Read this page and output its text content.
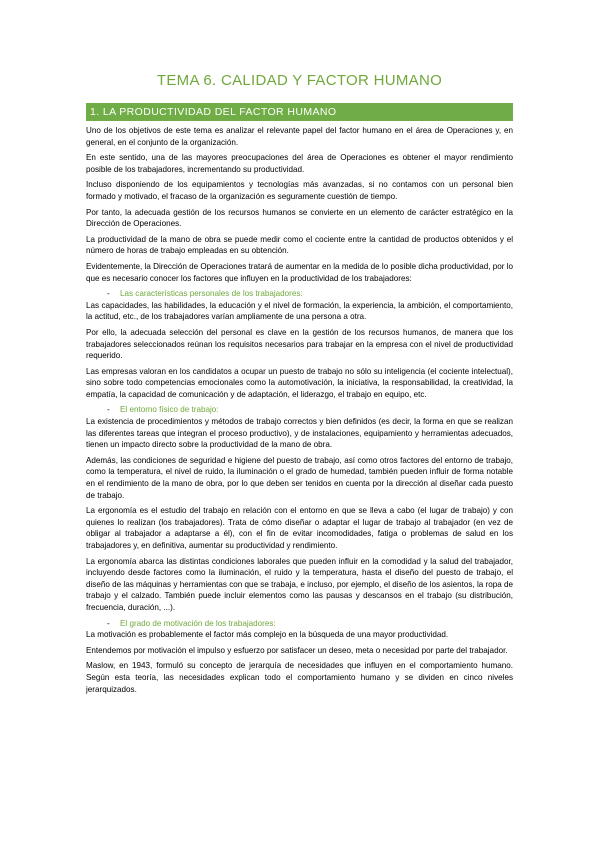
TEMA 6. CALIDAD Y FACTOR HUMANO
1. LA PRODUCTIVIDAD DEL FACTOR HUMANO

Uno de los objetivos de este tema es analizar el relevante papel del factor humano en el área de Operaciones y, en general, en el conjunto de la organización.

En este sentido, una de las mayores preocupaciones del área de Operaciones es obtener el mayor rendimiento posible de los trabajadores, incrementando su productividad.

Incluso disponiendo de los equipamientos y tecnologías más avanzadas, si no contamos con un personal bien formado y motivado, el fracaso de la organización es seguramente cuestión de tiempo.

Por tanto, la adecuada gestión de los recursos humanos se convierte en un elemento de carácter estratégico en la Dirección de Operaciones.

La productividad de la mano de obra se puede medir como el cociente entre la cantidad de productos obtenidos y el número de horas de trabajo empleadas en su obtención.

Evidentemente, la Dirección de Operaciones tratará de aumentar en la medida de lo posible dicha productividad, por lo que es necesario conocer los factores que influyen en la productividad de los trabajadores:

- Las características personales de los trabajadores:

Las capacidades, las habilidades, la educación y el nivel de formación, la experiencia, la ambición, el comportamiento, la actitud, etc., de los trabajadores varían ampliamente de una persona a otra.

Por ello, la adecuada selección del personal es clave en la gestión de los recursos humanos, de manera que los trabajadores seleccionados reúnan los requisitos necesarios para trabajar en la empresa con el nivel de productividad requerido.

Las empresas valoran en los candidatos a ocupar un puesto de trabajo no sólo su inteligencia (el cociente intelectual), sino sobre todo competencias emocionales como la automotivación, la iniciativa, la responsabilidad, la creatividad, la empatía, la capacidad de comunicación y de adaptación, el liderazgo, el trabajo en equipo, etc.

- El entorno físico de trabajo:

La existencia de procedimientos y métodos de trabajo correctos y bien definidos (es decir, la forma en que se realizan las diferentes tareas que integran el proceso productivo), y de instalaciones, equipamiento y herramientas adecuados, tienen un impacto directo sobre la productividad de la mano de obra.

Además, las condiciones de seguridad e higiene del puesto de trabajo, así como otros factores del entorno de trabajo, como la temperatura, el nivel de ruido, la iluminación o el grado de humedad, también pueden influir de forma notable en el rendimiento de la mano de obra, por lo que deben ser tenidos en cuenta por la dirección al diseñar cada puesto de trabajo.

La ergonomía es el estudio del trabajo en relación con el entorno en que se lleva a cabo (el lugar de trabajo) y con quienes lo realizan (los trabajadores). Trata de cómo diseñar o adaptar el lugar de trabajo al trabajador (en vez de obligar al trabajador a adaptarse a él), con el fin de evitar incomodidades, fatiga o problemas de salud en los trabajadores y, en definitiva, aumentar su productividad y rendimiento.

La ergonomía abarca las distintas condiciones laborales que pueden influir en la comodidad y la salud del trabajador, incluyendo desde factores como la iluminación, el ruido y la temperatura, hasta el diseño del puesto de trabajo, el diseño de las máquinas y herramientas con que se trabaja, e incluso, por ejemplo, el diseño de los asientos, la ropa de trabajo y el calzado. También puede incluir elementos como las pausas y descansos en el trabajo (su distribución, frecuencia, duración, ...).

- El grado de motivación de los trabajadores:

La motivación es probablemente el factor más complejo en la búsqueda de una mayor productividad.

Entendemos por motivación el impulso y esfuerzo por satisfacer un deseo, meta o necesidad por parte del trabajador.

Maslow, en 1943, formuló su concepto de jerarquía de necesidades que influyen en el comportamiento humano. Según esta teoría, las necesidades explican todo el comportamiento humano y se dividen en cinco niveles jerarquizados.
